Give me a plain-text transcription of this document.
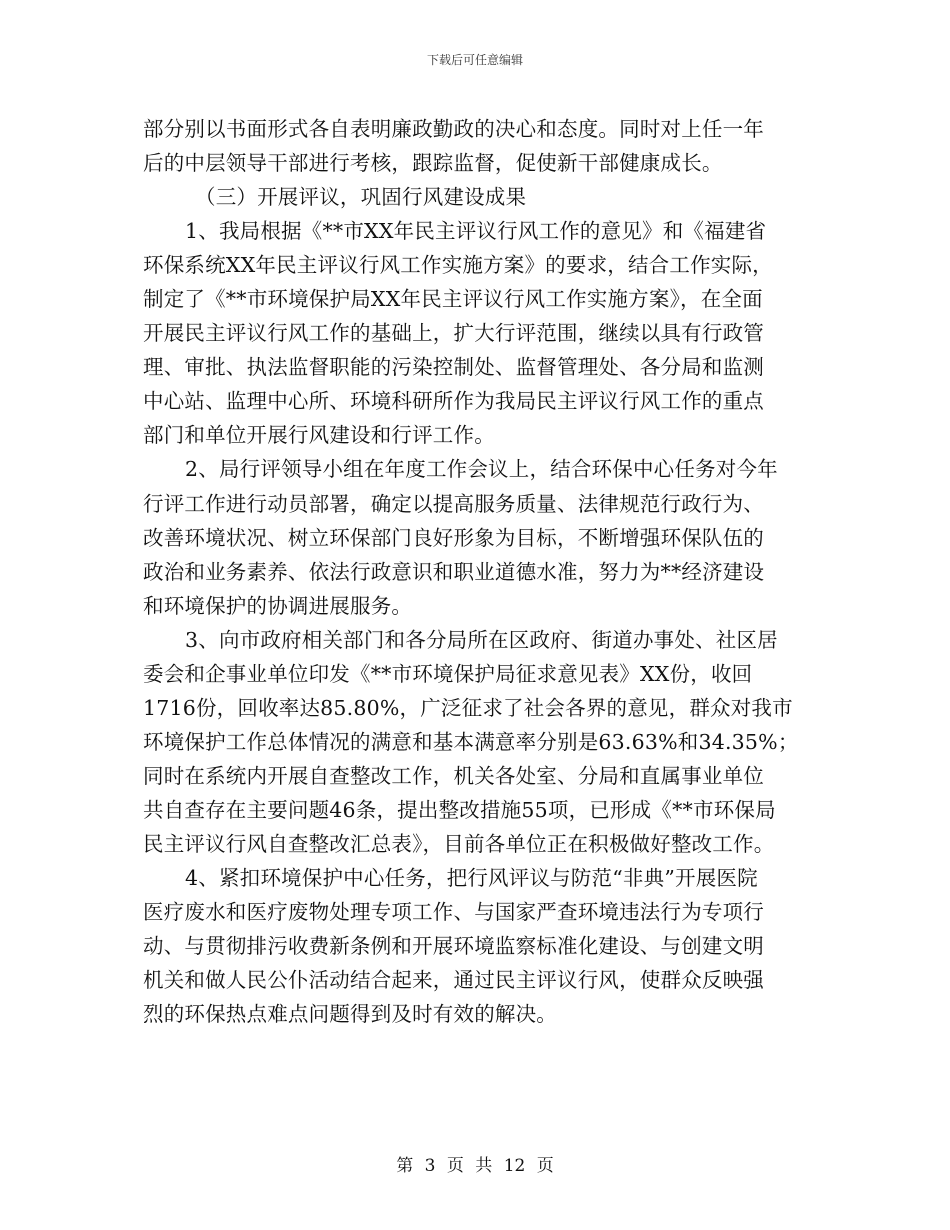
下载后可任意编辑
部分别以书面形式各自表明廉政勤政的决心和态度。同时对上任一年
后的中层领导干部进行考核，跟踪监督，促使新干部健康成长。
（三）开展评议，巩固行风建设成果
1、我局根据《**市XX年民主评议行风工作的意见》和《福建省
环保系统XX年民主评议行风工作实施方案》的要求，结合工作实际，
制定了《**市环境保护局XX年民主评议行风工作实施方案》，在全面
开展民主评议行风工作的基础上，扩大行评范围，继续以具有行政管
理、审批、执法监督职能的污染控制处、监督管理处、各分局和监测
中心站、监理中心所、环境科研所作为我局民主评议行风工作的重点
部门和单位开展行风建设和行评工作。
2、局行评领导小组在年度工作会议上，结合环保中心任务对今年
行评工作进行动员部署，确定以提高服务质量、法律规范行政行为、
改善环境状况、树立环保部门良好形象为目标，不断增强环保队伍的
政治和业务素养、依法行政意识和职业道德水准，努力为**经济建设
和环境保护的协调进展服务。
3、向市政府相关部门和各分局所在区政府、街道办事处、社区居
委会和企事业单位印发《**市环境保护局征求意见表》XX份，收回
1716份，回收率达85.80%，广泛征求了社会各界的意见，群众对我市
环境保护工作总体情况的满意和基本满意率分别是63.63%和34.35%；
同时在系统内开展自查整改工作，机关各处室、分局和直属事业单位
共自查存在主要问题46条，提出整改措施55项，已形成《**市环保局
民主评议行风自查整改汇总表》，目前各单位正在积极做好整改工作。
4、紧扣环境保护中心任务，把行风评议与防范“非典”开展医院
医疗废水和医疗废物处理专项工作、与国家严查环境违法行为专项行
动、与贯彻排污收费新条例和开展环境监察标准化建设、与创建文明
机关和做人民公仆活动结合起来，通过民主评议行风，使群众反映强
烈的环保热点难点问题得到及时有效的解决。
第 3 页 共 12 页
